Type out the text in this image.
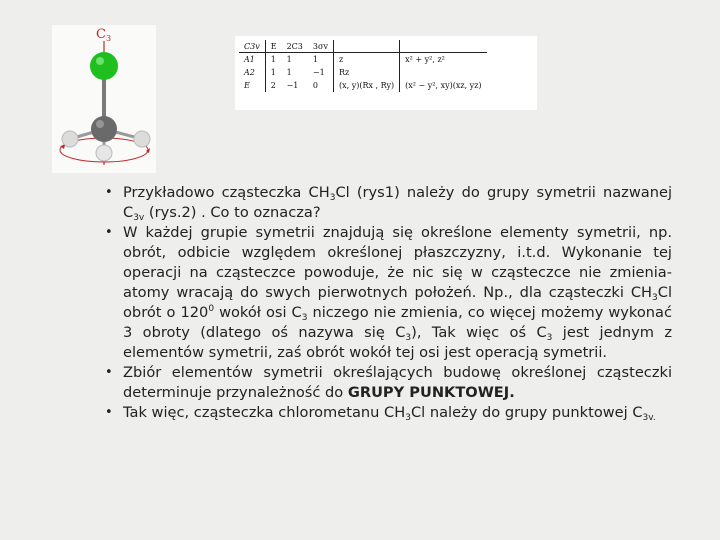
$C_3$
C3v	E	2C3	3σv		
A1	1	1	1	z	x² + y², z²
A2	1	1	−1	Rz	
E	2	−1	0	(x, y)(Rx , Ry)	(x² − y², xy)(xz, yz)
• Przykładowo cząsteczka $CH_3Cl$ (rys1) należy do grupy symetrii nazwanej $C_{3v}$ (rys.2) . Co to oznacza?
• W każdej grupie symetrii znajdują się określone elementy symetrii, np. obrót, odbicie względem określonej płaszczyzny, i.t.d. Wykonanie tej operacji na cząsteczce powoduje, że nic się w cząsteczce nie zmienia-atomy wracają do swych pierwotnych położeń. Np., dla cząsteczki $CH_3Cl$ obrót o $120^0$ wokół osi $C_3$ niczego nie zmienia, co więcej możemy wykonać 3 obroty (dlatego oś nazywa się $C_3$), Tak więc oś $C_3$ jest jednym z elementów symetrii, zaś obrót wokół tej osi jest operacją symetrii.
• Zbiór elementów symetrii określających budowę określonej cząsteczki determinuje przynależność do GRUPY PUNKTOWEJ.
• Tak więc, cząsteczka chlorometanu $CH_3Cl$ należy do grupy punktowej $C_{3v.}$
